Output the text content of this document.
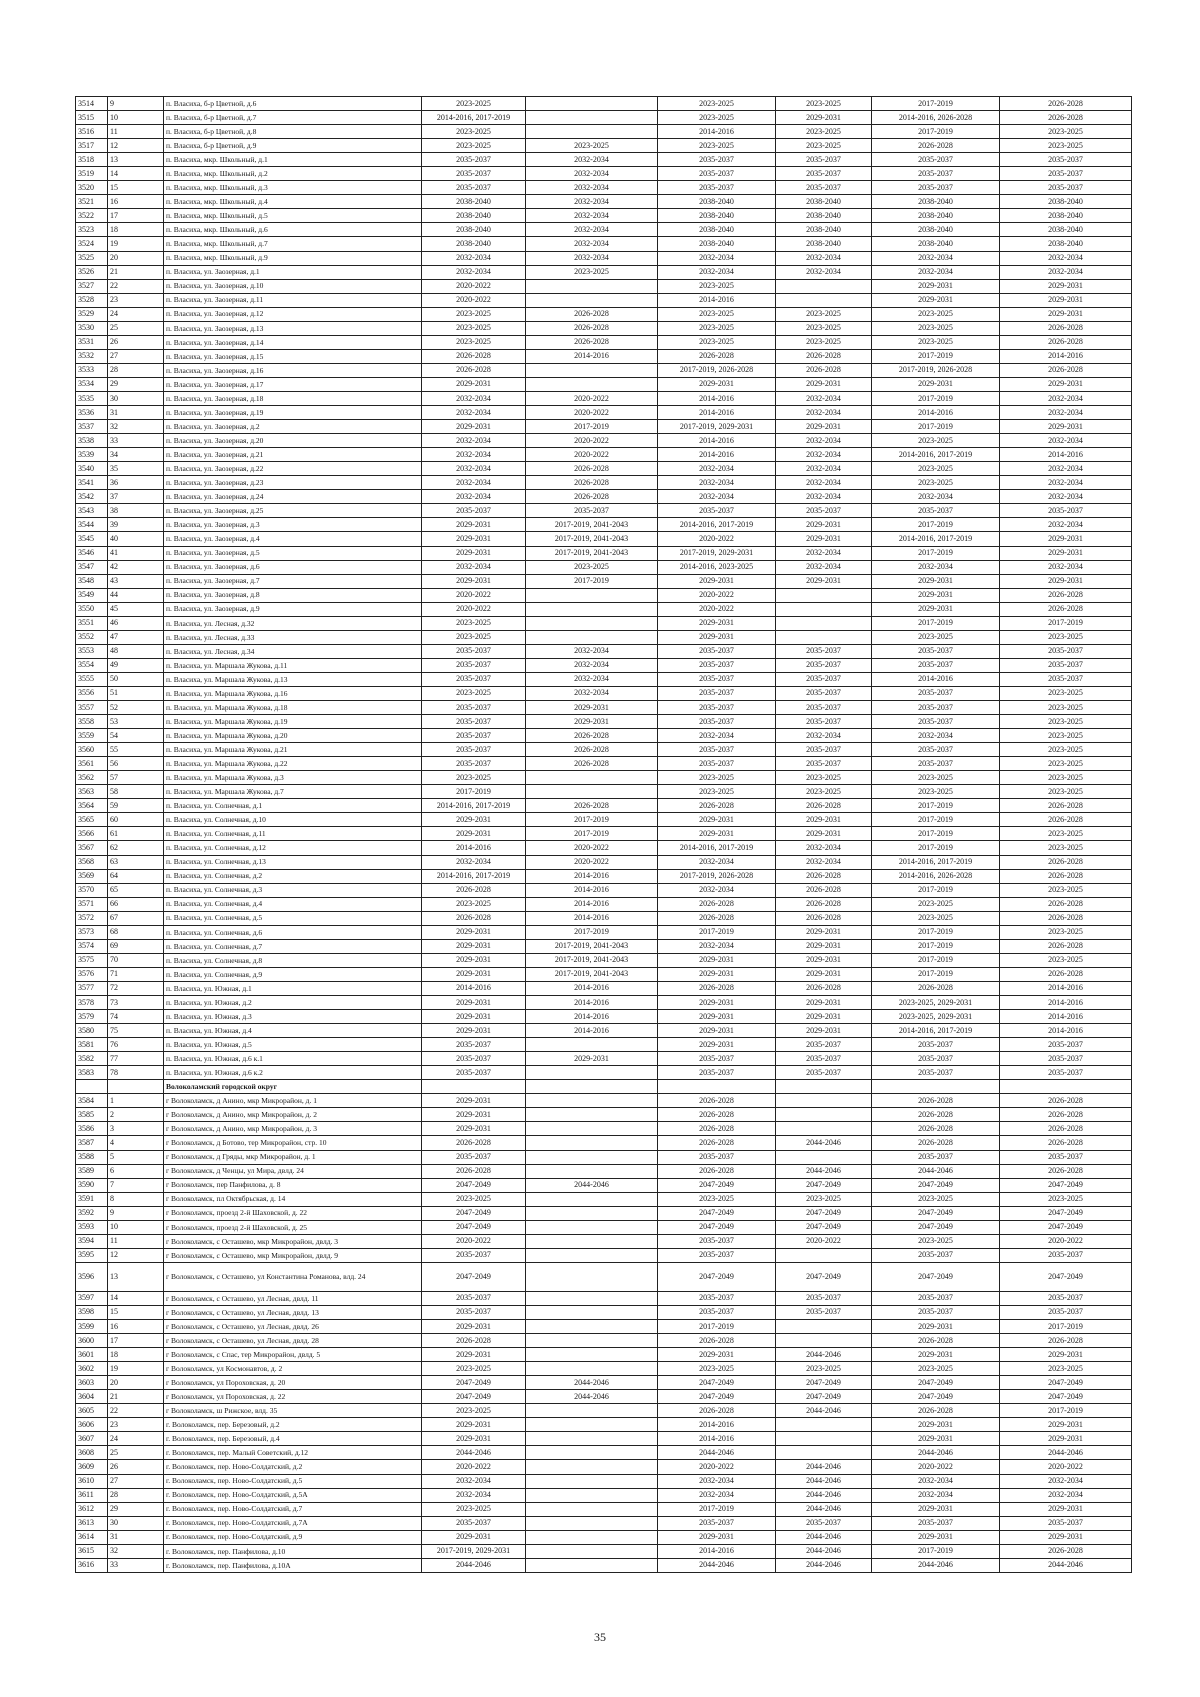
3514	9	п. Власиха, б-р Цветной, д.6	2023-2025		2023-2025	2023-2025	2017-2019	2026-2028
3515	10	п. Власиха, б-р Цветной, д.7	2014-2016, 2017-2019		2023-2025	2029-2031	2014-2016, 2026-2028	2026-2028
3516	11	п. Власиха, б-р Цветной, д.8	2023-2025		2014-2016	2023-2025	2017-2019	2023-2025
3517	12	п. Власиха, б-р Цветной, д.9	2023-2025	2023-2025	2023-2025	2023-2025	2026-2028	2023-2025
3518	13	п. Власиха, мкр. Школьный, д.1	2035-2037	2032-2034	2035-2037	2035-2037	2035-2037	2035-2037
3519	14	п. Власиха, мкр. Школьный, д.2	2035-2037	2032-2034	2035-2037	2035-2037	2035-2037	2035-2037
3520	15	п. Власиха, мкр. Школьный, д.3	2035-2037	2032-2034	2035-2037	2035-2037	2035-2037	2035-2037
3521	16	п. Власиха, мкр. Школьный, д.4	2038-2040	2032-2034	2038-2040	2038-2040	2038-2040	2038-2040
3522	17	п. Власиха, мкр. Школьный, д.5	2038-2040	2032-2034	2038-2040	2038-2040	2038-2040	2038-2040
3523	18	п. Власиха, мкр. Школьный, д.6	2038-2040	2032-2034	2038-2040	2038-2040	2038-2040	2038-2040
3524	19	п. Власиха, мкр. Школьный, д.7	2038-2040	2032-2034	2038-2040	2038-2040	2038-2040	2038-2040
3525	20	п. Власиха, мкр. Школьный, д.9	2032-2034	2032-2034	2032-2034	2032-2034	2032-2034	2032-2034
3526	21	п. Власиха, ул. Заозерная, д.1	2032-2034	2023-2025	2032-2034	2032-2034	2032-2034	2032-2034
3527	22	п. Власиха, ул. Заозерная, д.10	2020-2022		2023-2025		2029-2031	2029-2031
3528	23	п. Власиха, ул. Заозерная, д.11	2020-2022		2014-2016		2029-2031	2029-2031
3529	24	п. Власиха, ул. Заозерная, д.12	2023-2025	2026-2028	2023-2025	2023-2025	2023-2025	2029-2031
3530	25	п. Власиха, ул. Заозерная, д.13	2023-2025	2026-2028	2023-2025	2023-2025	2023-2025	2026-2028
3531	26	п. Власиха, ул. Заозерная, д.14	2023-2025	2026-2028	2023-2025	2023-2025	2023-2025	2026-2028
3532	27	п. Власиха, ул. Заозерная, д.15	2026-2028	2014-2016	2026-2028	2026-2028	2017-2019	2014-2016
3533	28	п. Власиха, ул. Заозерная, д.16	2026-2028		2017-2019, 2026-2028	2026-2028	2017-2019, 2026-2028	2026-2028
3534	29	п. Власиха, ул. Заозерная, д.17	2029-2031		2029-2031	2029-2031	2029-2031	2029-2031
3535	30	п. Власиха, ул. Заозерная, д.18	2032-2034	2020-2022	2014-2016	2032-2034	2017-2019	2032-2034
3536	31	п. Власиха, ул. Заозерная, д.19	2032-2034	2020-2022	2014-2016	2032-2034	2014-2016	2032-2034
3537	32	п. Власиха, ул. Заозерная, д.2	2029-2031	2017-2019	2017-2019, 2029-2031	2029-2031	2017-2019	2029-2031
3538	33	п. Власиха, ул. Заозерная, д.20	2032-2034	2020-2022	2014-2016	2032-2034	2023-2025	2032-2034
3539	34	п. Власиха, ул. Заозерная, д.21	2032-2034	2020-2022	2014-2016	2032-2034	2014-2016, 2017-2019	2014-2016
3540	35	п. Власиха, ул. Заозерная, д.22	2032-2034	2026-2028	2032-2034	2032-2034	2023-2025	2032-2034
3541	36	п. Власиха, ул. Заозерная, д.23	2032-2034	2026-2028	2032-2034	2032-2034	2023-2025	2032-2034
3542	37	п. Власиха, ул. Заозерная, д.24	2032-2034	2026-2028	2032-2034	2032-2034	2032-2034	2032-2034
3543	38	п. Власиха, ул. Заозерная, д.25	2035-2037	2035-2037	2035-2037	2035-2037	2035-2037	2035-2037
3544	39	п. Власиха, ул. Заозерная, д.3	2029-2031	2017-2019, 2041-2043	2014-2016, 2017-2019	2029-2031	2017-2019	2032-2034
3545	40	п. Власиха, ул. Заозерная, д.4	2029-2031	2017-2019, 2041-2043	2020-2022	2029-2031	2014-2016, 2017-2019	2029-2031
3546	41	п. Власиха, ул. Заозерная, д.5	2029-2031	2017-2019, 2041-2043	2017-2019, 2029-2031	2032-2034	2017-2019	2029-2031
3547	42	п. Власиха, ул. Заозерная, д.6	2032-2034	2023-2025	2014-2016, 2023-2025	2032-2034	2032-2034	2032-2034
3548	43	п. Власиха, ул. Заозерная, д.7	2029-2031	2017-2019	2029-2031	2029-2031	2029-2031	2029-2031
3549	44	п. Власиха, ул. Заозерная, д.8	2020-2022		2020-2022		2029-2031	2026-2028
3550	45	п. Власиха, ул. Заозерная, д.9	2020-2022		2020-2022		2029-2031	2026-2028
3551	46	п. Власиха, ул. Лесная, д.32	2023-2025		2029-2031		2017-2019	2017-2019
3552	47	п. Власиха, ул. Лесная, д.33	2023-2025		2029-2031		2023-2025	2023-2025
3553	48	п. Власиха, ул. Лесная, д.34	2035-2037	2032-2034	2035-2037	2035-2037	2035-2037	2035-2037
3554	49	п. Власиха, ул. Маршала Жукова, д.11	2035-2037	2032-2034	2035-2037	2035-2037	2035-2037	2035-2037
3555	50	п. Власиха, ул. Маршала Жукова, д.13	2035-2037	2032-2034	2035-2037	2035-2037	2014-2016	2035-2037
3556	51	п. Власиха, ул. Маршала Жукова, д.16	2023-2025	2032-2034	2035-2037	2035-2037	2035-2037	2023-2025
3557	52	п. Власиха, ул. Маршала Жукова, д.18	2035-2037	2029-2031	2035-2037	2035-2037	2035-2037	2023-2025
3558	53	п. Власиха, ул. Маршала Жукова, д.19	2035-2037	2029-2031	2035-2037	2035-2037	2035-2037	2023-2025
3559	54	п. Власиха, ул. Маршала Жукова, д.20	2035-2037	2026-2028	2032-2034	2032-2034	2032-2034	2023-2025
3560	55	п. Власиха, ул. Маршала Жукова, д.21	2035-2037	2026-2028	2035-2037	2035-2037	2035-2037	2023-2025
3561	56	п. Власиха, ул. Маршала Жукова, д.22	2035-2037	2026-2028	2035-2037	2035-2037	2035-2037	2023-2025
3562	57	п. Власиха, ул. Маршала Жукова, д.3	2023-2025		2023-2025	2023-2025	2023-2025	2023-2025
3563	58	п. Власиха, ул. Маршала Жукова, д.7	2017-2019		2023-2025	2023-2025	2023-2025	2023-2025
3564	59	п. Власиха, ул. Солнечная, д.1	2014-2016, 2017-2019	2026-2028	2026-2028	2026-2028	2017-2019	2026-2028
3565	60	п. Власиха, ул. Солнечная, д.10	2029-2031	2017-2019	2029-2031	2029-2031	2017-2019	2026-2028
3566	61	п. Власиха, ул. Солнечная, д.11	2029-2031	2017-2019	2029-2031	2029-2031	2017-2019	2023-2025
3567	62	п. Власиха, ул. Солнечная, д.12	2014-2016	2020-2022	2014-2016, 2017-2019	2032-2034	2017-2019	2023-2025
3568	63	п. Власиха, ул. Солнечная, д.13	2032-2034	2020-2022	2032-2034	2032-2034	2014-2016, 2017-2019	2026-2028
3569	64	п. Власиха, ул. Солнечная, д.2	2014-2016, 2017-2019	2014-2016	2017-2019, 2026-2028	2026-2028	2014-2016, 2026-2028	2026-2028
3570	65	п. Власиха, ул. Солнечная, д.3	2026-2028	2014-2016	2032-2034	2026-2028	2017-2019	2023-2025
3571	66	п. Власиха, ул. Солнечная, д.4	2023-2025	2014-2016	2026-2028	2026-2028	2023-2025	2026-2028
3572	67	п. Власиха, ул. Солнечная, д.5	2026-2028	2014-2016	2026-2028	2026-2028	2023-2025	2026-2028
3573	68	п. Власиха, ул. Солнечная, д.6	2029-2031	2017-2019	2017-2019	2029-2031	2017-2019	2023-2025
3574	69	п. Власиха, ул. Солнечная, д.7	2029-2031	2017-2019, 2041-2043	2032-2034	2029-2031	2017-2019	2026-2028
3575	70	п. Власиха, ул. Солнечная, д.8	2029-2031	2017-2019, 2041-2043	2029-2031	2029-2031	2017-2019	2023-2025
3576	71	п. Власиха, ул. Солнечная, д.9	2029-2031	2017-2019, 2041-2043	2029-2031	2029-2031	2017-2019	2026-2028
3577	72	п. Власиха, ул. Южная, д.1	2014-2016	2014-2016	2026-2028	2026-2028	2026-2028	2014-2016
3578	73	п. Власиха, ул. Южная, д.2	2029-2031	2014-2016	2029-2031	2029-2031	2023-2025, 2029-2031	2014-2016
3579	74	п. Власиха, ул. Южная, д.3	2029-2031	2014-2016	2029-2031	2029-2031	2023-2025, 2029-2031	2014-2016
3580	75	п. Власиха, ул. Южная, д.4	2029-2031	2014-2016	2029-2031	2029-2031	2014-2016, 2017-2019	2014-2016
3581	76	п. Власиха, ул. Южная, д.5	2035-2037		2029-2031	2035-2037	2035-2037	2035-2037
3582	77	п. Власиха, ул. Южная, д.6 к.1	2035-2037	2029-2031	2035-2037	2035-2037	2035-2037	2035-2037
3583	78	п. Власиха, ул. Южная, д.6 к.2	2035-2037		2035-2037	2035-2037	2035-2037	2035-2037
		Волоколамский городской округ						
3584	1	г Волоколамск, д Анино, мкр Микрорайон, д. 1	2029-2031		2026-2028		2026-2028	2026-2028
3585	2	г Волоколамск, д Анино, мкр Микрорайон, д. 2	2029-2031		2026-2028		2026-2028	2026-2028
3586	3	г Волоколамск, д Анино, мкр Микрорайон, д. 3	2029-2031		2026-2028		2026-2028	2026-2028
3587	4	г Волоколамск, д Ботово, тер Микрорайон, стр. 10	2026-2028		2026-2028	2044-2046	2026-2028	2026-2028
3588	5	г Волоколамск, д Гряды, мкр Микрорайон, д. 1	2035-2037		2035-2037		2035-2037	2035-2037
3589	6	г Волоколамск, д Ченцы, ул Мира, двлд. 24	2026-2028		2026-2028	2044-2046	2044-2046	2026-2028
3590	7	г Волоколамск, пер Панфилова, д. 8	2047-2049	2044-2046	2047-2049	2047-2049	2047-2049	2047-2049
3591	8	г Волоколамск, пл Октябрьская, д. 14	2023-2025		2023-2025	2023-2025	2023-2025	2023-2025
3592	9	г Волоколамск, проезд 2-й Шаховской, д. 22	2047-2049		2047-2049	2047-2049	2047-2049	2047-2049
3593	10	г Волоколамск, проезд 2-й Шаховской, д. 25	2047-2049		2047-2049	2047-2049	2047-2049	2047-2049
3594	11	г Волоколамск, с Осташево, мкр Микрорайон, двлд. 3	2020-2022		2035-2037	2020-2022	2023-2025	2020-2022
3595	12	г Волоколамск, с Осташево, мкр Микрорайон, двлд. 9	2035-2037		2035-2037		2035-2037	2035-2037
3596	13	г Волоколамск, с Осташево, ул Константина Романова, влд. 24	2047-2049		2047-2049	2047-2049	2047-2049	2047-2049
3597	14	г Волоколамск, с Осташево, ул Лесная, двлд. 11	2035-2037		2035-2037	2035-2037	2035-2037	2035-2037
3598	15	г Волоколамск, с Осташево, ул Лесная, двлд. 13	2035-2037		2035-2037	2035-2037	2035-2037	2035-2037
3599	16	г Волоколамск, с Осташево, ул Лесная, двлд. 26	2029-2031		2017-2019		2029-2031	2017-2019
3600	17	г Волоколамск, с Осташево, ул Лесная, двлд. 28	2026-2028		2026-2028		2026-2028	2026-2028
3601	18	г Волоколамск, с Спас, тер Микрорайон, двлд. 5	2029-2031		2029-2031	2044-2046	2029-2031	2029-2031
3602	19	г Волоколамск, ул Космонавтов, д. 2	2023-2025		2023-2025	2023-2025	2023-2025	2023-2025
3603	20	г Волоколамск, ул Пороховская, д. 20	2047-2049	2044-2046	2047-2049	2047-2049	2047-2049	2047-2049
3604	21	г Волоколамск, ул Пороховская, д. 22	2047-2049	2044-2046	2047-2049	2047-2049	2047-2049	2047-2049
3605	22	г Волоколамск, ш Рижское, влд. 35	2023-2025		2026-2028	2044-2046	2026-2028	2017-2019
3606	23	г. Волоколамск, пер. Березовый, д.2	2029-2031		2014-2016		2029-2031	2029-2031
3607	24	г. Волоколамск, пер. Березовый, д.4	2029-2031		2014-2016		2029-2031	2029-2031
3608	25	г. Волоколамск, пер. Малый Советский, д.12	2044-2046		2044-2046		2044-2046	2044-2046
3609	26	г. Волоколамск, пер. Ново-Солдатский, д.2	2020-2022		2020-2022	2044-2046	2020-2022	2020-2022
3610	27	г. Волоколамск, пер. Ново-Солдатский, д.5	2032-2034		2032-2034	2044-2046	2032-2034	2032-2034
3611	28	г. Волоколамск, пер. Ново-Солдатский, д.5А	2032-2034		2032-2034	2044-2046	2032-2034	2032-2034
3612	29	г. Волоколамск, пер. Ново-Солдатский, д.7	2023-2025		2017-2019	2044-2046	2029-2031	2029-2031
3613	30	г. Волоколамск, пер. Ново-Солдатский, д.7А	2035-2037		2035-2037	2035-2037	2035-2037	2035-2037
3614	31	г. Волоколамск, пер. Ново-Солдатский, д.9	2029-2031		2029-2031	2044-2046	2029-2031	2029-2031
3615	32	г. Волоколамск, пер. Панфилова, д.10	2017-2019, 2029-2031		2014-2016	2044-2046	2017-2019	2026-2028
3616	33	г. Волоколамск, пер. Панфилова, д.10А	2044-2046		2044-2046	2044-2046	2044-2046	2044-2046
35
